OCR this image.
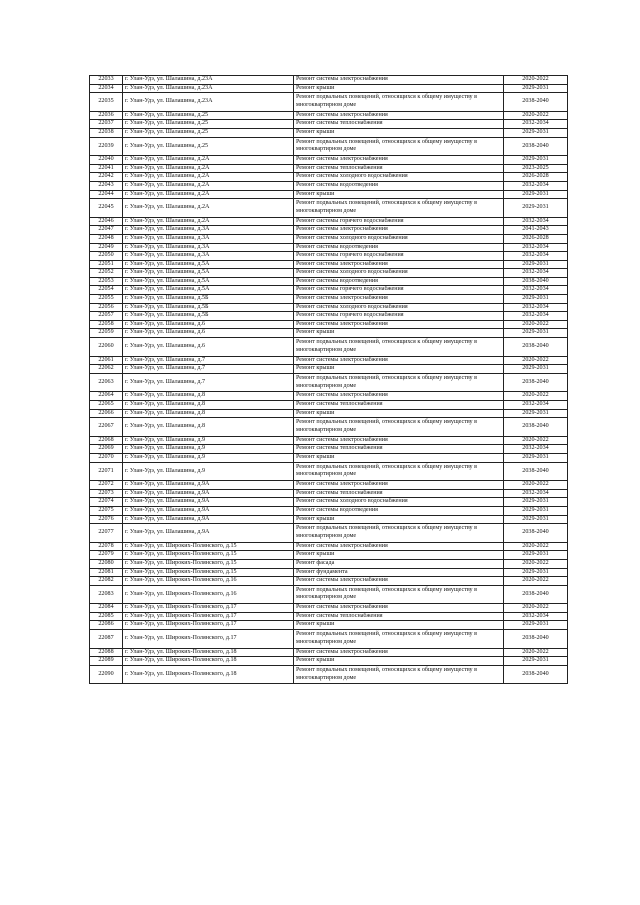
22033	г. Улан-Удэ, ул. Шалашина, д.23А	Ремонт системы электроснабжения	2020-2022
22034	г. Улан-Удэ, ул. Шалашина, д.23А	Ремонт крыши	2029-2031
22035	г. Улан-Удэ, ул. Шалашина, д.23А	Ремонт подвальных помещений, относящихся к общему имуществу в многоквартирном доме	2038-2040
22036	г. Улан-Удэ, ул. Шалашина, д.25	Ремонт системы электроснабжения	2020-2022
22037	г. Улан-Удэ, ул. Шалашина, д.25	Ремонт системы теплоснабжения	2032-2034
22038	г. Улан-Удэ, ул. Шалашина, д.25	Ремонт крыши	2029-2031
22039	г. Улан-Удэ, ул. Шалашина, д.25	Ремонт подвальных помещений, относящихся к общему имуществу в многоквартирном доме	2038-2040
22040	г. Улан-Удэ, ул. Шалашина, д.2А	Ремонт системы электроснабжения	2029-2031
22041	г. Улан-Удэ, ул. Шалашина, д.2А	Ремонт системы теплоснабжения	2023-2025
22042	г. Улан-Удэ, ул. Шалашина, д.2А	Ремонт системы холодного водоснабжения	2026-2028
22043	г. Улан-Удэ, ул. Шалашина, д.2А	Ремонт системы водоотведения	2032-2034
22044	г. Улан-Удэ, ул. Шалашина, д.2А	Ремонт крыши	2029-2031
22045	г. Улан-Удэ, ул. Шалашина, д.2А	Ремонт подвальных помещений, относящихся к общему имуществу в многоквартирном доме	2029-2031
22046	г. Улан-Удэ, ул. Шалашина, д.2А	Ремонт системы горячего водоснабжения	2032-2034
22047	г. Улан-Удэ, ул. Шалашина, д.3А	Ремонт системы электроснабжения	2041-2043
22048	г. Улан-Удэ, ул. Шалашина, д.3А	Ремонт системы холодного водоснабжения	2026-2028
22049	г. Улан-Удэ, ул. Шалашина, д.3А	Ремонт системы водоотведения	2032-2034
22050	г. Улан-Удэ, ул. Шалашина, д.3А	Ремонт системы горячего водоснабжения	2032-2034
22051	г. Улан-Удэ, ул. Шалашина, д.5А	Ремонт системы электроснабжения	2029-2031
22052	г. Улан-Удэ, ул. Шалашина, д.5А	Ремонт системы холодного водоснабжения	2032-2034
22053	г. Улан-Удэ, ул. Шалашина, д.5А	Ремонт системы водоотведения	2038-2040
22054	г. Улан-Удэ, ул. Шалашина, д.5А	Ремонт системы горячего водоснабжения	2032-2034
22055	г. Улан-Удэ, ул. Шалашина, д.5Б	Ремонт системы электроснабжения	2029-2031
22056	г. Улан-Удэ, ул. Шалашина, д.5Б	Ремонт системы холодного водоснабжения	2032-2034
22057	г. Улан-Удэ, ул. Шалашина, д.5Б	Ремонт системы горячего водоснабжения	2032-2034
22058	г. Улан-Удэ, ул. Шалашина, д.6	Ремонт системы электроснабжения	2020-2022
22059	г. Улан-Удэ, ул. Шалашина, д.6	Ремонт крыши	2029-2031
22060	г. Улан-Удэ, ул. Шалашина, д.6	Ремонт подвальных помещений, относящихся к общему имуществу в многоквартирном доме	2038-2040
22061	г. Улан-Удэ, ул. Шалашина, д.7	Ремонт системы электроснабжения	2020-2022
22062	г. Улан-Удэ, ул. Шалашина, д.7	Ремонт крыши	2029-2031
22063	г. Улан-Удэ, ул. Шалашина, д.7	Ремонт подвальных помещений, относящихся к общему имуществу в многоквартирном доме	2038-2040
22064	г. Улан-Удэ, ул. Шалашина, д.8	Ремонт системы электроснабжения	2020-2022
22065	г. Улан-Удэ, ул. Шалашина, д.8	Ремонт системы теплоснабжения	2032-2034
22066	г. Улан-Удэ, ул. Шалашина, д.8	Ремонт крыши	2029-2031
22067	г. Улан-Удэ, ул. Шалашина, д.8	Ремонт подвальных помещений, относящихся к общему имуществу в многоквартирном доме	2038-2040
22068	г. Улан-Удэ, ул. Шалашина, д.9	Ремонт системы электроснабжения	2020-2022
22069	г. Улан-Удэ, ул. Шалашина, д.9	Ремонт системы теплоснабжения	2032-2034
22070	г. Улан-Удэ, ул. Шалашина, д.9	Ремонт крыши	2029-2031
22071	г. Улан-Удэ, ул. Шалашина, д.9	Ремонт подвальных помещений, относящихся к общему имуществу в многоквартирном доме	2038-2040
22072	г. Улан-Удэ, ул. Шалашина, д.9А	Ремонт системы электроснабжения	2020-2022
22073	г. Улан-Удэ, ул. Шалашина, д.9А	Ремонт системы теплоснабжения	2032-2034
22074	г. Улан-Удэ, ул. Шалашина, д.9А	Ремонт системы холодного водоснабжения	2029-2031
22075	г. Улан-Удэ, ул. Шалашина, д.9А	Ремонт системы водоотведения	2029-2031
22076	г. Улан-Удэ, ул. Шалашина, д.9А	Ремонт крыши	2029-2031
22077	г. Улан-Удэ, ул. Шалашина, д.9А	Ремонт подвальных помещений, относящихся к общему имуществу в многоквартирном доме	2038-2040
22078	г. Улан-Удэ, ул. Широких-Полянского, д.15	Ремонт системы электроснабжения	2020-2022
22079	г. Улан-Удэ, ул. Широких-Полянского, д.15	Ремонт крыши	2029-2031
22080	г. Улан-Удэ, ул. Широких-Полянского, д.15	Ремонт фасада	2020-2022
22081	г. Улан-Удэ, ул. Широких-Полянского, д.15	Ремонт фундамента	2029-2031
22082	г. Улан-Удэ, ул. Широких-Полянского, д.16	Ремонт системы электроснабжения	2020-2022
22083	г. Улан-Удэ, ул. Широких-Полянского, д.16	Ремонт подвальных помещений, относящихся к общему имуществу в многоквартирном доме	2038-2040
22084	г. Улан-Удэ, ул. Широких-Полянского, д.17	Ремонт системы электроснабжения	2020-2022
22085	г. Улан-Удэ, ул. Широких-Полянского, д.17	Ремонт системы теплоснабжения	2032-2034
22086	г. Улан-Удэ, ул. Широких-Полянского, д.17	Ремонт крыши	2029-2031
22087	г. Улан-Удэ, ул. Широких-Полянского, д.17	Ремонт подвальных помещений, относящихся к общему имуществу в многоквартирном доме	2038-2040
22088	г. Улан-Удэ, ул. Широких-Полянского, д.18	Ремонт системы электроснабжения	2020-2022
22089	г. Улан-Удэ, ул. Широких-Полянского, д.18	Ремонт крыши	2029-2031
22090	г. Улан-Удэ, ул. Широких-Полянского, д.18	Ремонт подвальных помещений, относящихся к общему имуществу в многоквартирном доме	2038-2040
